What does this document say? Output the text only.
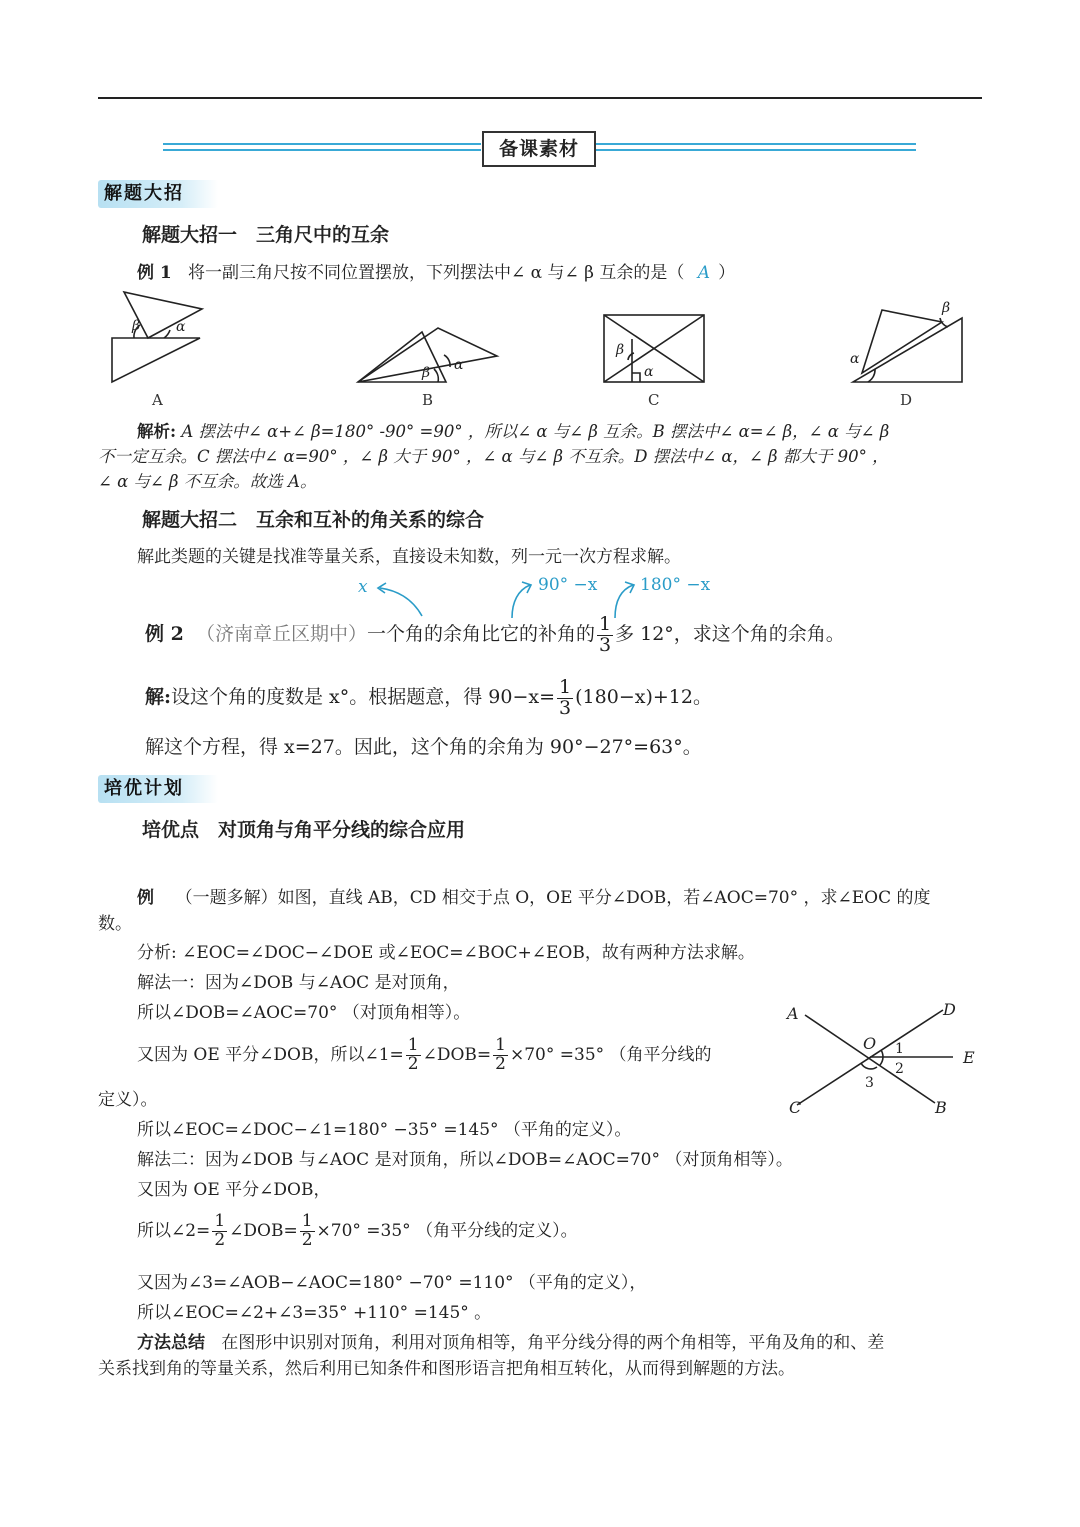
备课素材
解题大招
解题大招一　三角尺中的互余
例 1 将一副三角尺按不同位置摆放，下列摆法中∠ α 与∠ β 互余的是（ A ）
β	α
β α
β
α
α
β
A	B	C	D
解析: A 摆法中∠ α+∠ β=180° -90° =90° ，所以∠ α 与∠ β 互余。B 摆法中∠ α=∠ β，∠ α 与∠ β
不一定互余。C 摆法中∠ α=90° ，∠ β 大于 90° ，∠ α 与∠ β 不互余。D 摆法中∠ α，∠ β 都大于 90° ，
∠ α 与∠ β 不互余。故选 A。
解题大招二　互余和互补的角关系的综合
解此类题的关键是找准等量关系，直接设未知数，列一元一次方程求解。
x	90° −x	180° −x
例 2 （济南章丘区期中）一个角的余角比它的补角的 $\frac{1}{3}$ 多 12°，求这个角的余角。
解:设这个角的度数是 x°。根据题意，得 $90-x= \frac{1}{3} (180-x)+12$。
解这个方程，得 x=27。因此，这个角的余角为 90°−27°=63°。
培优计划
培优点　对顶角与角平分线的综合应用
例 （一题多解）如图，直线 AB，CD 相交于点 O，OE 平分∠DOB，若∠AOC=70° ，求∠EOC 的度
数。
分析: ∠EOC=∠DOC−∠DOE 或∠EOC=∠BOC+∠EOB，故有两种方法求解。
解法一：因为∠DOB 与∠AOC 是对顶角，
所以∠DOB=∠AOC=70° （对顶角相等）。
又因为 OE 平分∠DOB，所以∠1= $\frac{1}{2}$ ∠DOB= $\frac{1}{2} \times 70^\circ =35^\circ$ （角平分线的
定义）。
所以∠EOC=∠DOC−∠1=180° −35° =145° （平角的定义）。
解法二：因为∠DOB 与∠AOC 是对顶角，所以∠DOB=∠AOC=70° （对顶角相等）。
又因为 OE 平分∠DOB，
所以∠2= $\frac{1}{2}$ ∠DOB= $\frac{1}{2} \times 70^\circ =35^\circ$ （角平分线的定义）。
又因为∠3=∠AOB−∠AOC=180° −70° =110° （平角的定义），
所以∠EOC=∠2+∠3=35° +110° =145° 。
A	D
E
C	B
O 1
2
3
方法总结 在图形中识别对顶角，利用对顶角相等，角平分线分得的两个角相等，平角及角的和、差
关系找到角的等量关系，然后利用已知条件和图形语言把角相互转化，从而得到解题的方法。
